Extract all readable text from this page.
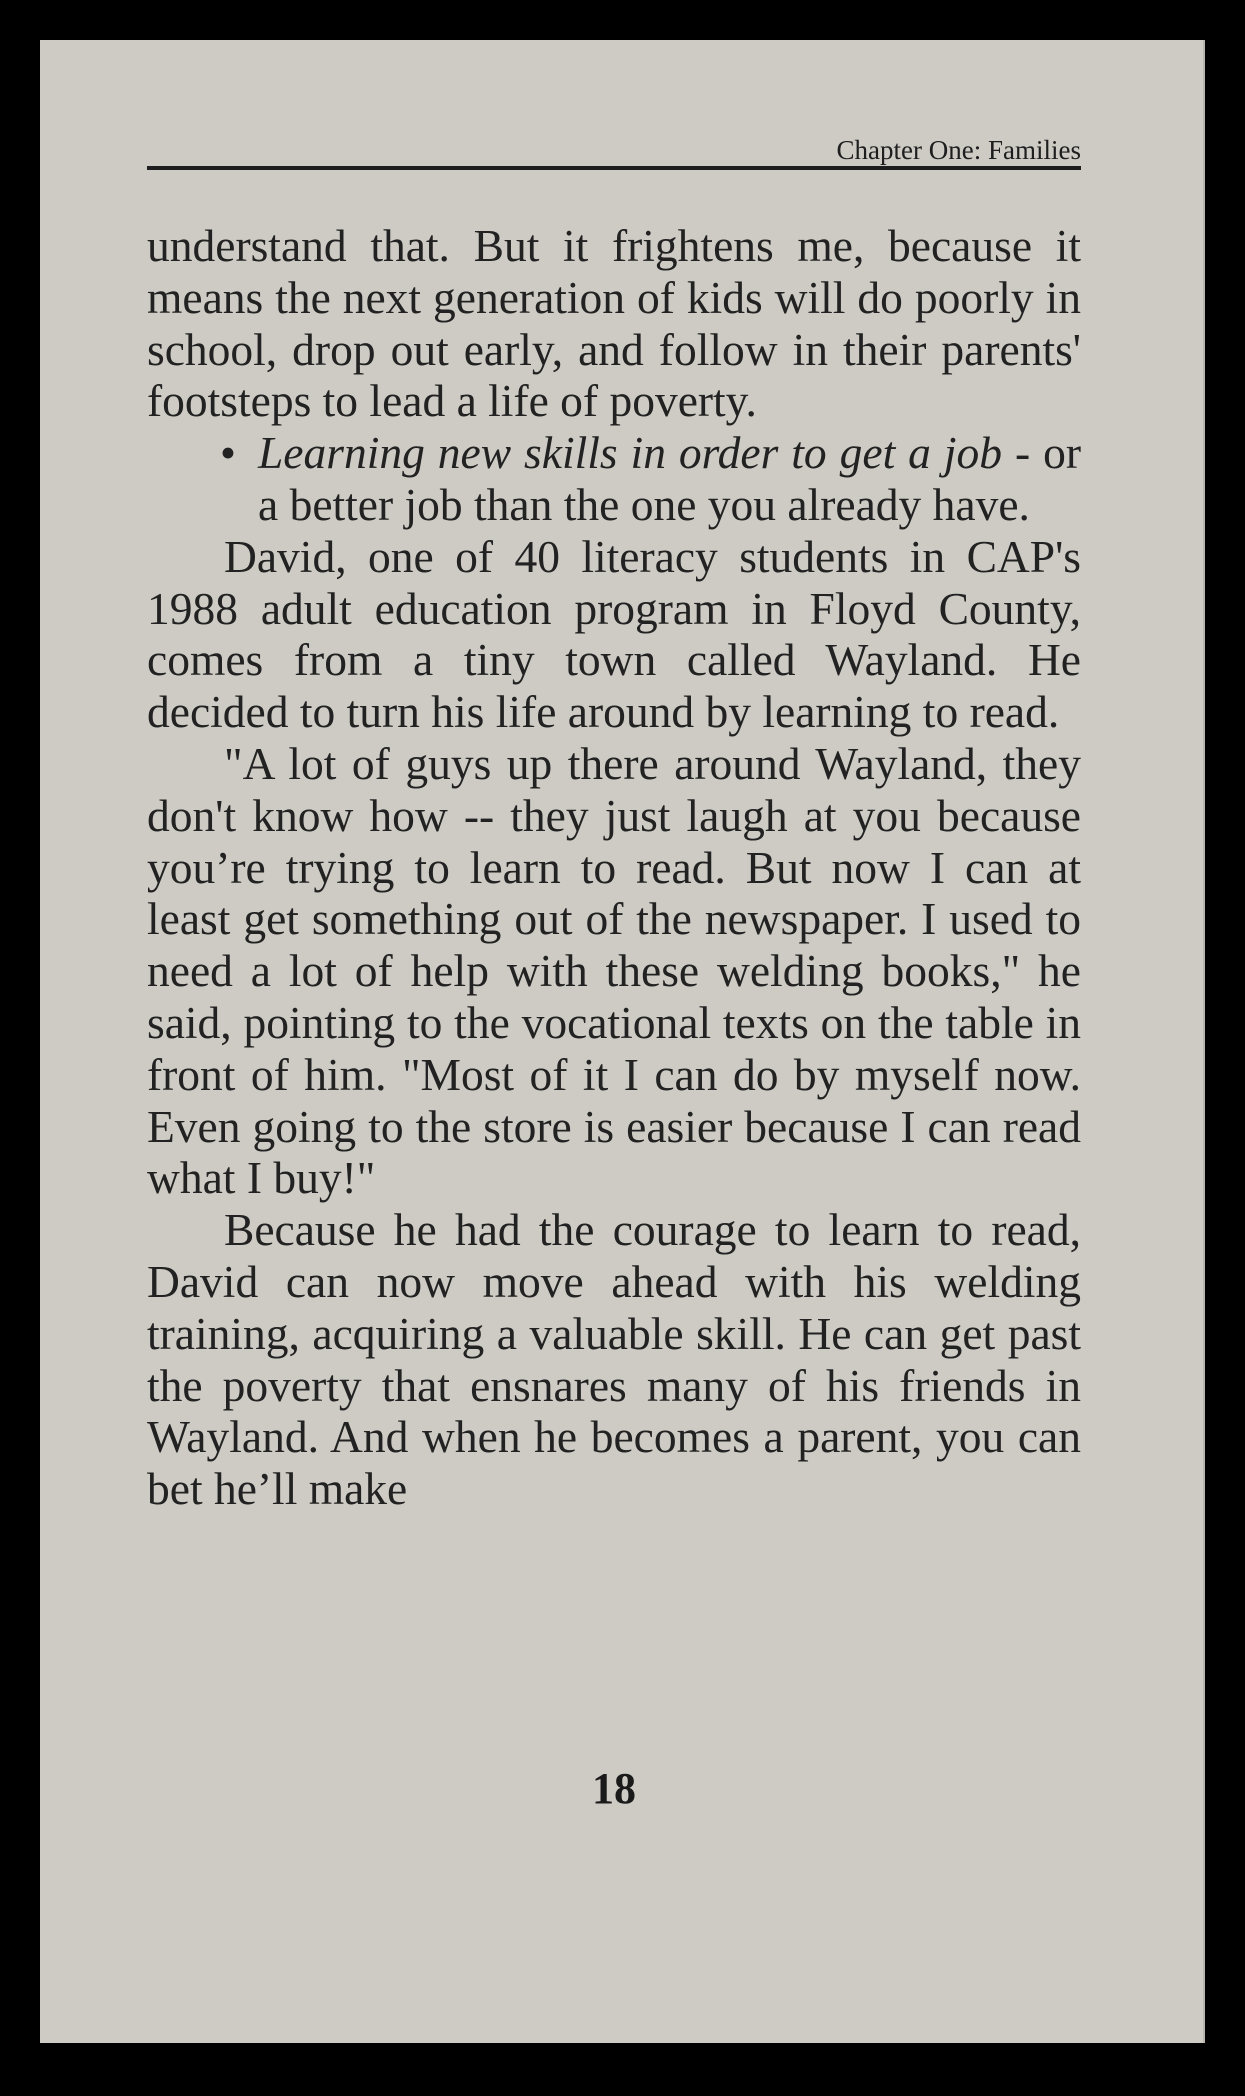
Chapter One: Families

understand that. But it frightens me, because it means the next generation of kids will do poorly in school, drop out early, and follow in their parents' footsteps to lead a life of poverty.

• Learning new skills in order to get a job - or a better job than the one you already have.

David, one of 40 literacy students in CAP's 1988 adult education program in Floyd County, comes from a tiny town called Wayland. He decided to turn his life around by learning to read.

"A lot of guys up there around Wayland, they don't know how -- they just laugh at you because you’re trying to learn to read. But now I can at least get something out of the newspaper. I used to need a lot of help with these welding books," he said, pointing to the vocational texts on the table in front of him. "Most of it I can do by myself now. Even going to the store is easier because I can read what I buy!"

Because he had the courage to learn to read, David can now move ahead with his welding training, acquiring a valuable skill. He can get past the poverty that ensnares many of his friends in Wayland. And when he becomes a parent, you can bet he’ll make

18
